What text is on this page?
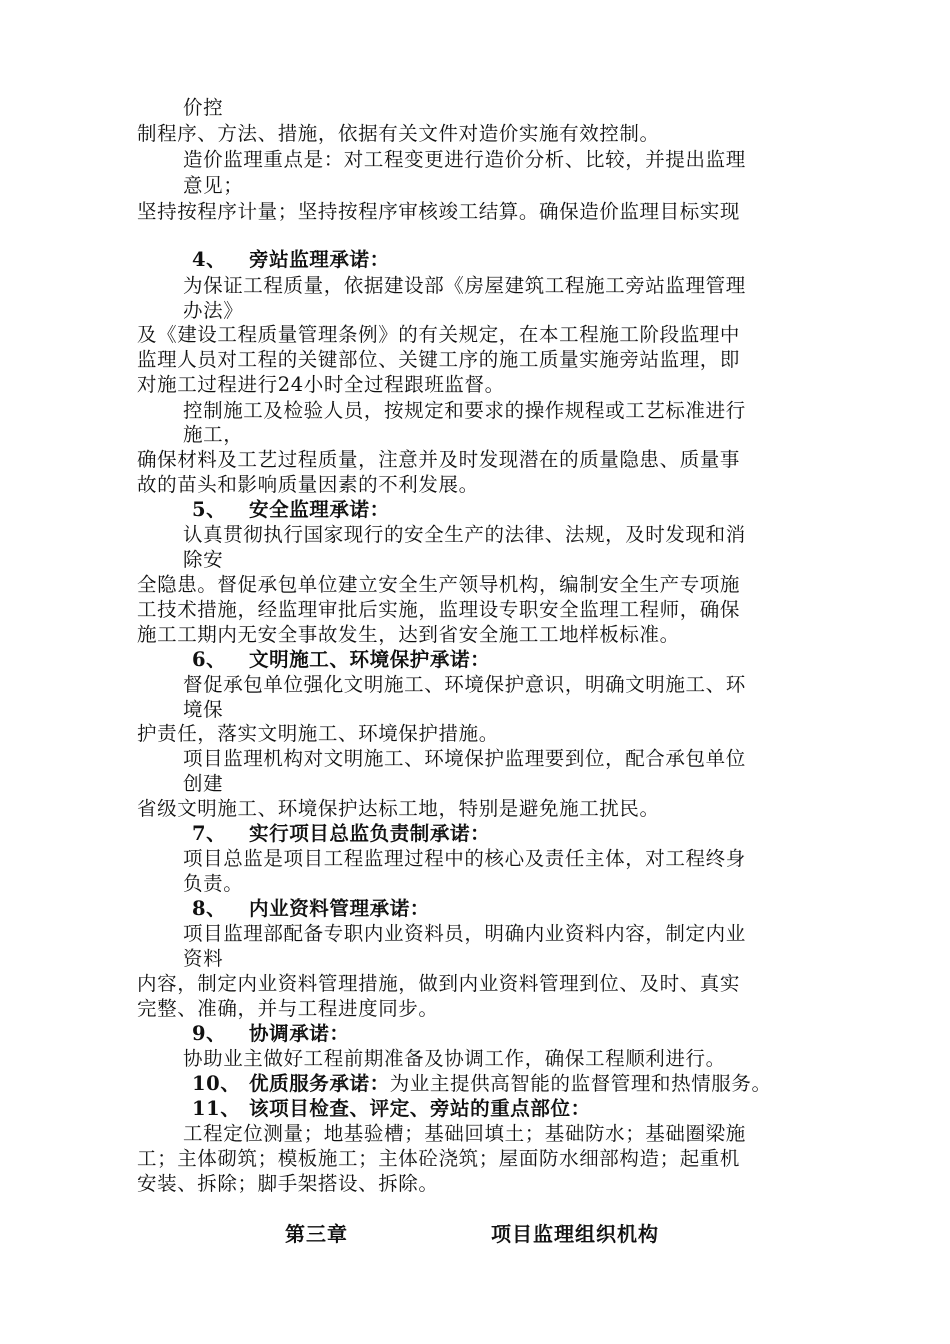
价控
制程序、方法、措施，依据有关文件对造价实施有效控制。
造价监理重点是：对工程变更进行造价分析、比较，并提出监理
意见；
坚持按程序计量；坚持按程序审核竣工结算。确保造价监理目标实现
4、 旁站监理承诺：
为保证工程质量，依据建设部《房屋建筑工程施工旁站监理管理
办法》
及《建设工程质量管理条例》的有关规定，在本工程施工阶段监理中
监理人员对工程的关键部位、关键工序的施工质量实施旁站监理，即
对施工过程进行24小时全过程跟班监督。
控制施工及检验人员，按规定和要求的操作规程或工艺标准进行
施工，
确保材料及工艺过程质量，注意并及时发现潜在的质量隐患、质量事
故的苗头和影响质量因素的不利发展。
5、 安全监理承诺：
认真贯彻执行国家现行的安全生产的法律、法规，及时发现和消
除安
全隐患。督促承包单位建立安全生产领导机构，编制安全生产专项施
工技术措施，经监理审批后实施，监理设专职安全监理工程师，确保
施工工期内无安全事故发生，达到省安全施工工地样板标准。
6、 文明施工、环境保护承诺：
督促承包单位强化文明施工、环境保护意识，明确文明施工、环
境保
护责任，落实文明施工、环境保护措施。
项目监理机构对文明施工、环境保护监理要到位，配合承包单位
创建
省级文明施工、环境保护达标工地，特别是避免施工扰民。
7、 实行项目总监负责制承诺：
项目总监是项目工程监理过程中的核心及责任主体，对工程终身
负责。
8、 内业资料管理承诺：
项目监理部配备专职内业资料员，明确内业资料内容，制定内业
资料
内容，制定内业资料管理措施，做到内业资料管理到位、及时、真实
完整、准确，并与工程进度同步。
9、 协调承诺：
协助业主做好工程前期准备及协调工作，确保工程顺利进行。
10、 优质服务承诺：为业主提供高智能的监督管理和热情服务。
11、 该项目检查、评定、旁站的重点部位：
工程定位测量；地基验槽；基础回填土；基础防水；基础圈梁施
工；主体砌筑；模板施工；主体砼浇筑；屋面防水细部构造；起重机
安装、拆除；脚手架搭设、拆除。
第三章	项目监理组织机构
